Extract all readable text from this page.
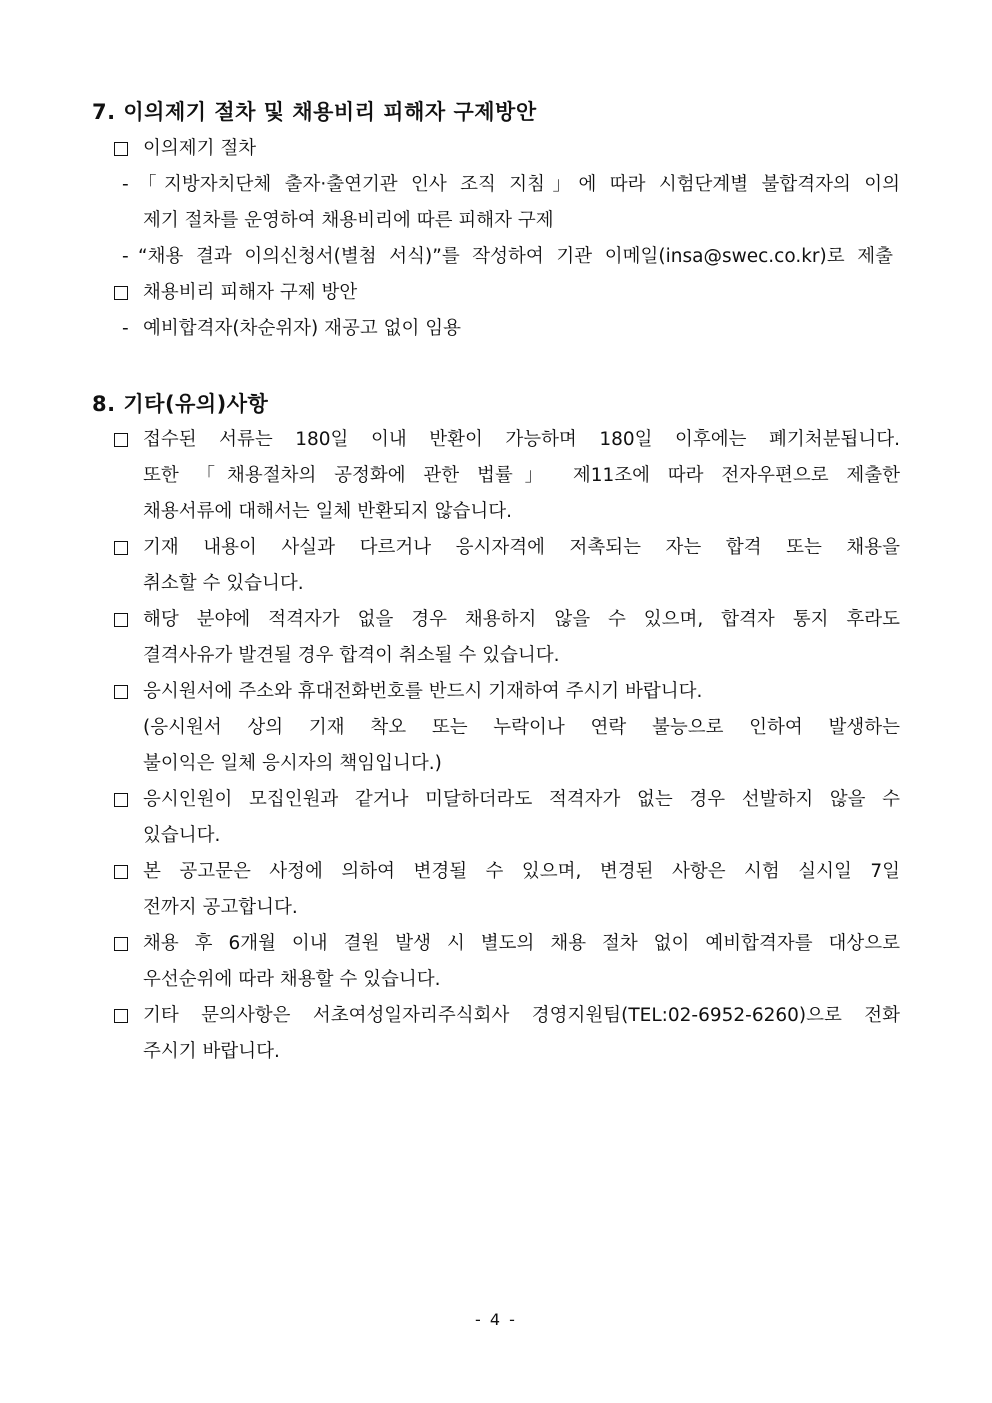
7. 이의제기 절차 및 채용비리 피해자 구제방안
이의제기 절차
- 「지방자치단체 출자·출연기관 인사 조직 지침」에 따라 시험단계별 불합격자의 이의
제기 절차를 운영하여 채용비리에 따른 피해자 구제
- “채용 결과 이의신청서(별첨 서식)”를 작성하여 기관 이메일(insa@swec.co.kr)로 제출
채용비리 피해자 구제 방안
- 예비합격자(차순위자) 재공고 없이 임용
8. 기타(유의)사항
접수된 서류는 180일 이내 반환이 가능하며 180일 이후에는 폐기처분됩니다.
또한 「채용절차의 공정화에 관한 법률」 제11조에 따라 전자우편으로 제출한
채용서류에 대해서는 일체 반환되지 않습니다.
기재 내용이 사실과 다르거나 응시자격에 저촉되는 자는 합격 또는 채용을
취소할 수 있습니다.
해당 분야에 적격자가 없을 경우 채용하지 않을 수 있으며, 합격자 통지 후라도
결격사유가 발견될 경우 합격이 취소될 수 있습니다.
응시원서에 주소와 휴대전화번호를 반드시 기재하여 주시기 바랍니다.
(응시원서 상의 기재 착오 또는 누락이나 연락 불능으로 인하여 발생하는
불이익은 일체 응시자의 책임입니다.)
응시인원이 모집인원과 같거나 미달하더라도 적격자가 없는 경우 선발하지 않을 수
있습니다.
본 공고문은 사정에 의하여 변경될 수 있으며, 변경된 사항은 시험 실시일 7일
전까지 공고합니다.
채용 후 6개월 이내 결원 발생 시 별도의 채용 절차 없이 예비합격자를 대상으로
우선순위에 따라 채용할 수 있습니다.
기타 문의사항은 서초여성일자리주식회사 경영지원팀(TEL:02-6952-6260)으로 전화
주시기 바랍니다.
- 4 -
